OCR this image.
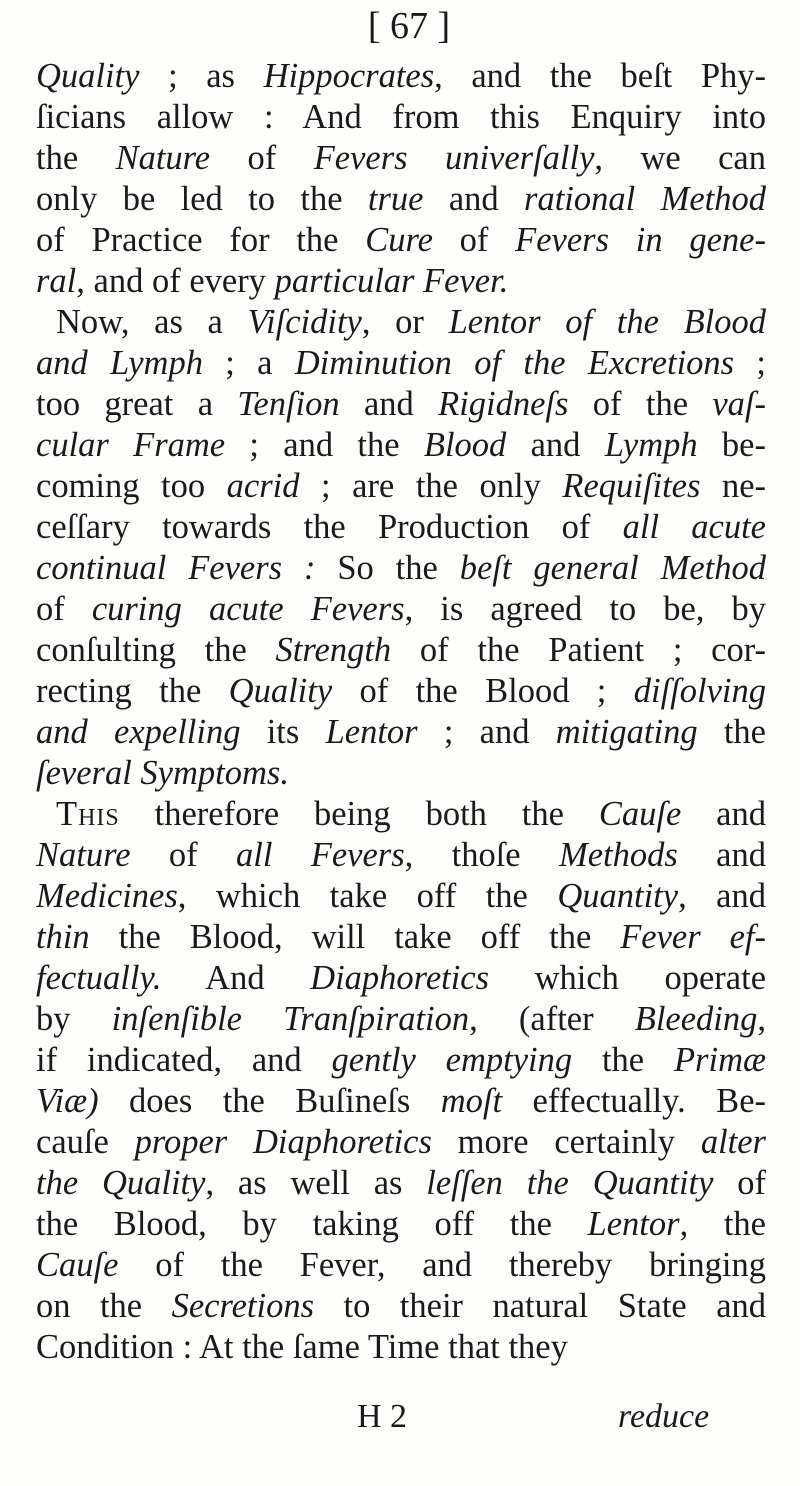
[ 67 ]
Quality ; as Hippocrates, and the beſt Phy-
ſicians allow : And from this Enquiry into
the Nature of Fevers univerſally, we can
only be led to the true and rational Method
of Practice for the Cure of Fevers in gene-
ral, and of every particular Fever.
Now, as a Viſcidity, or Lentor of the Blood
and Lymph ; a Diminution of the Excretions ;
too great a Tenſion and Rigidneſs of the vaſ-
cular Frame ; and the Blood and Lymph be-
coming too acrid ; are the only Requiſites ne-
ceſſary towards the Production of all acute
continual Fevers : So the beſt general Method
of curing acute Fevers, is agreed to be, by
conſulting the Strength of the Patient ; cor-
recting the Quality of the Blood ; diſſolving
and expelling its Lentor ; and mitigating the
ſeveral Symptoms.
This therefore being both the Cauſe and
Nature of all Fevers, thoſe Methods and
Medicines, which take off the Quantity, and
thin the Blood, will take off the Fever ef-
fectually. And Diaphoretics which operate
by inſenſible Tranſpiration, (after Bleeding,
if indicated, and gently emptying the Primæ
Viæ) does the Buſineſs moſt effectually. Be-
cauſe proper Diaphoretics more certainly alter
the Quality, as well as leſſen the Quantity of
the Blood, by taking off the Lentor, the
Cauſe of the Fever, and thereby bringing
on the Secretions to their natural State and
Condition : At the ſame Time that they
H 2	reduce
